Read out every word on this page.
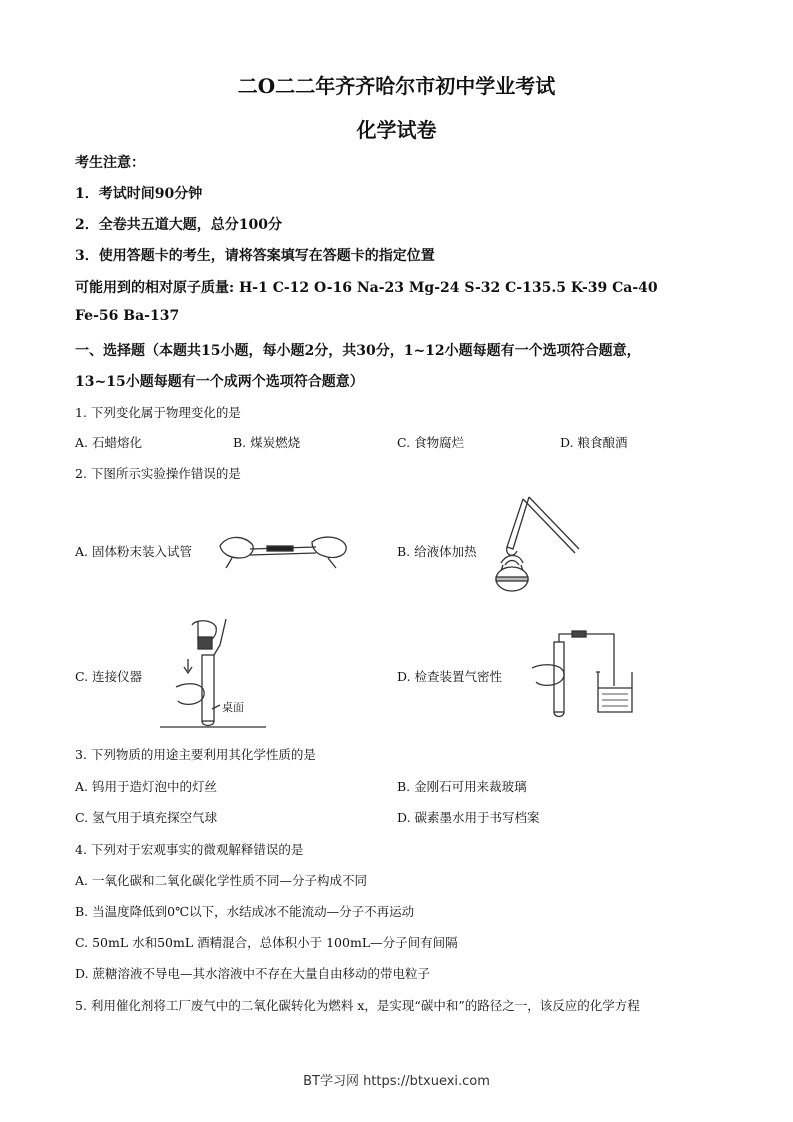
二O二二年齐齐哈尔市初中学业考试
化学试卷
考生注意：
1．考试时间90分钟
2．全卷共五道大题，总分100分
3．使用答题卡的考生，请将答案填写在答题卡的指定位置
可能用到的相对原子质量: H-1 C-12 O-16 Na-23 Mg-24 S-32 C-135.5 K-39 Ca-40
Fe-56 Ba-137
一、选择题（本题共15小题，每小题2分，共30分，1~12小题每题有一个选项符合题意，
13~15小题每题有一个成两个选项符合题意）
1. 下列变化属于物理变化的是
A. 石蜡熔化	B. 煤炭燃烧	C. 食物腐烂	D. 粮食酿酒
2. 下图所示实验操作错误的是
A. 固体粉末装入试管	B. 给液体加热
C. 连接仪器	D. 检查装置气密性
桌面
3. 下列物质的用途主要利用其化学性质的是
A. 钨用于造灯泡中的灯丝	B. 金刚石可用来裁玻璃
C. 氢气用于填充探空气球	D. 碳素墨水用于书写档案
4. 下列对于宏观事实的微观解释错误的是
A. 一氧化碳和二氧化碳化学性质不同—分子构成不同
B. 当温度降低到0℃以下，水结成冰不能流动—分子不再运动
C. 50mL 水和50mL 酒精混合，总体积小于 100mL—分子间有间隔
D. 蔗糖溶液不导电—其水溶液中不存在大量自由移动的带电粒子
5. 利用催化剂将工厂废气中的二氧化碳转化为燃料 x，是实现“碳中和”的路径之一，该反应的化学方程
BT学习网 https://btxuexi.com
